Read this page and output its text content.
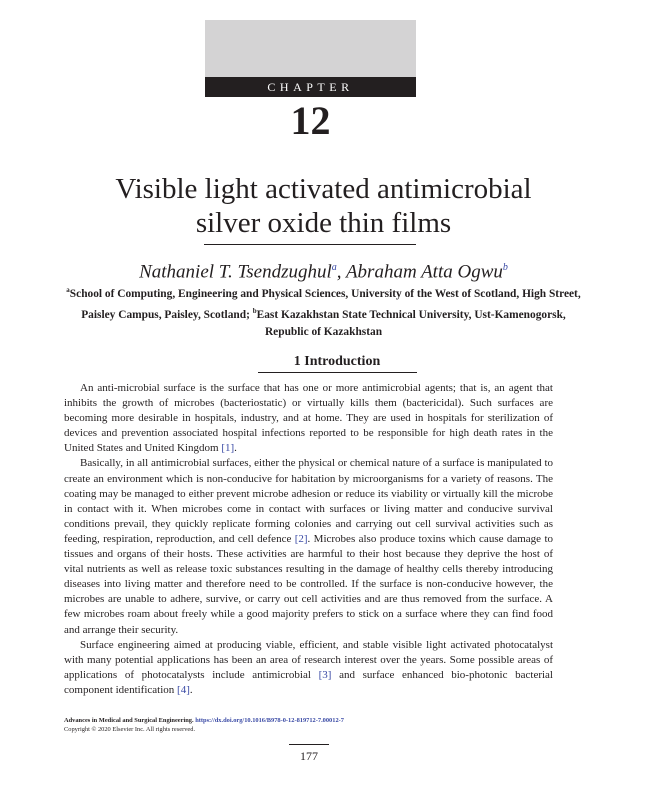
CHAPTER
12
Visible light activated antimicrobial
silver oxide thin films
Nathaniel T. Tsendzughul$^a$, Abraham Atta Ogwu$^b$
$^a$School of Computing, Engineering and Physical Sciences, University of the West of Scotland, High Street, Paisley Campus, Paisley, Scotland; $^b$East Kazakhstan State Technical University, Ust-Kamenogorsk, Republic of Kazakhstan
1 Introduction

An anti-microbial surface is the surface that has one or more antimicrobial agents; that is, an agent that inhibits the growth of microbes (bacteriostatic) or virtually kills them (bactericidal). Such surfaces are becoming more desirable in hospitals, industry, and at home. They are used in hospitals for sterilization of devices and prevention associated hospital infections reported to be responsible for high death rates in the United States and United Kingdom [1].

Basically, in all antimicrobial surfaces, either the physical or chemical nature of a surface is manipulated to create an environment which is non-conducive for habitation by microorganisms for a variety of reasons. The coating may be managed to either prevent microbe adhesion or reduce its viability or virtually kill the microbe in contact with it. When microbes come in contact with surfaces or living matter and conducive survival conditions prevail, they quickly replicate forming colonies and carrying out cell survival activities such as feeding, respiration, reproduction, and cell defence [2]. Microbes also produce toxins which cause damage to tissues and organs of their hosts. These activities are harmful to their host because they deprive the host of vital nutrients as well as release toxic substances resulting in the damage of healthy cells thereby introducing diseases into living matter and therefore need to be controlled. If the surface is non-conducive however, the microbes are unable to adhere, survive, or carry out cell activities and are thus removed from the surface. A few microbes roam about freely while a good majority prefers to stick on a surface where they can find food and arrange their security.

Surface engineering aimed at producing viable, efficient, and stable visible light activated photocatalyst with many potential applications has been an area of research interest over the years. Some possible areas of applications of photocatalysts include antimicrobial [3] and surface enhanced bio-photonic bacterial component identification [4].

Advances in Medical and Surgical Engineering. https://dx.doi.org/10.1016/B978-0-12-819712-7.00012-7
Copyright © 2020 Elsevier Inc. All rights reserved.
177
